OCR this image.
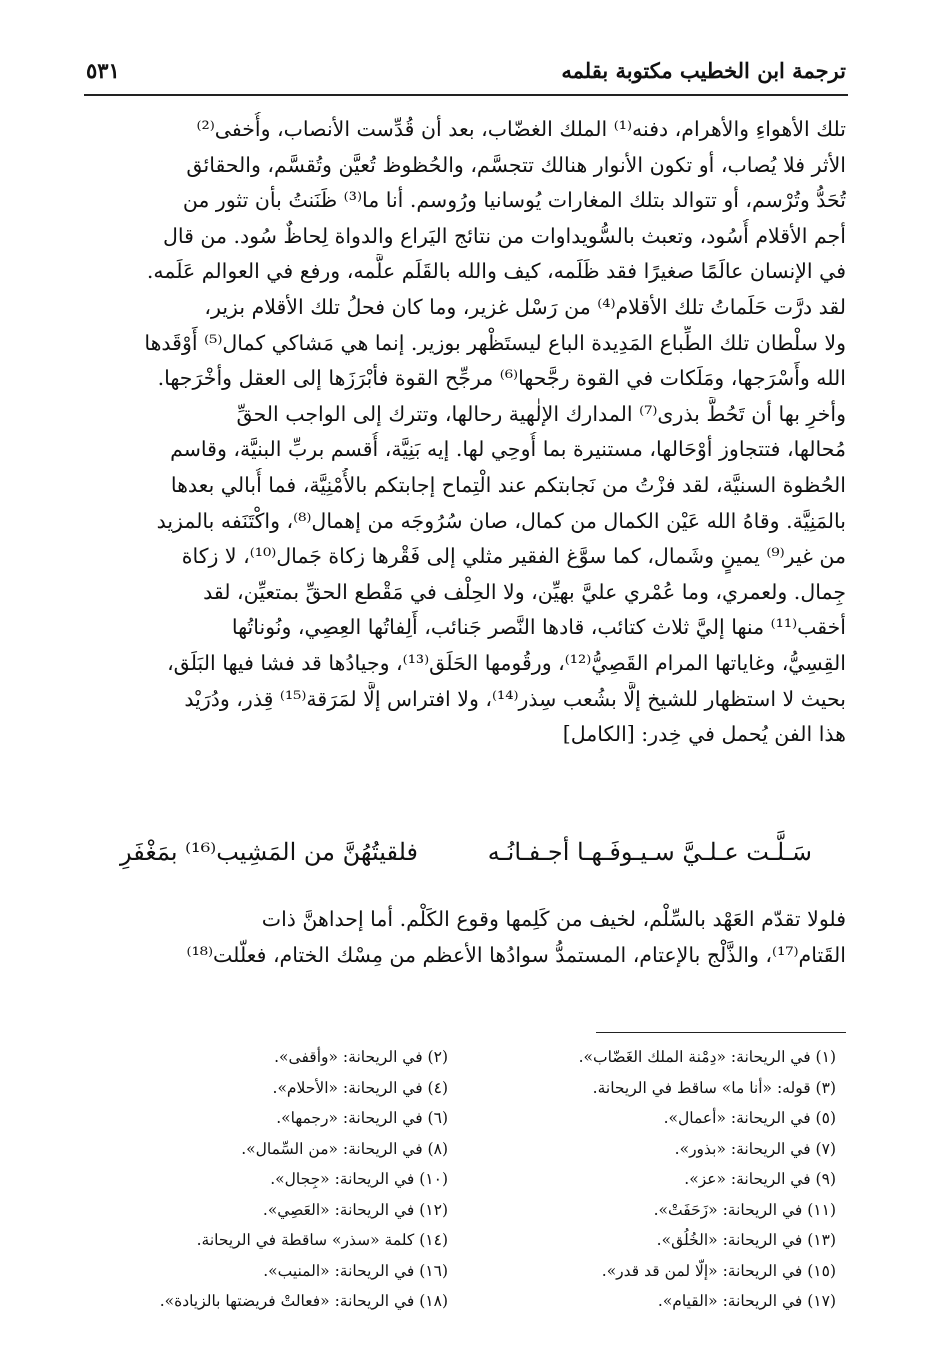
ترجمة ابن الخطيب مكتوبة بقلمه
٥٣١
تلك الأهواءِ والأهرام، دفنه⁽¹⁾ الملك الغضّاب، بعد أن قُدِّست الأنصاب، وأُخفى⁽²⁾
الأثر فلا يُصاب، أو تكون الأنوار هنالك تتجسَّم، والحُظوظ تُعيَّن وتُقسَّم، والحقائق
تُحَدُّ وتُرْسم، أو تتوالد بتلك المغارات يُوسانيا ورُوسم. أنا ما⁽³⁾ ظَنَنتُ بأن تثور من
أجم الأقلام أُسُود، وتعبث بالسُّويداوات من نتائج اليَراع والدواة لِحاظٌ سُود. من قال
في الإنسان عالَمًا صغيرًا فقد ظَلَمه، كيف والله بالقَلَم علَّمه، ورفع في العوالم عَلَمه.
لقد درَّت حَلَماتُ تلك الأقلام⁽⁴⁾ من رَسْل غزير، وما كان فحلُ تلك الأقلام بزير،
ولا سلْطان تلك الطِّباع المَدِيدة الباع ليستَظْهر بوزير. إنما هي مَشاكي كمال⁽⁵⁾ أَوْقَدها
الله وأَسْرَجها، ومَلَكات في القوة رجَّحها⁽⁶⁾ مرجِّح القوة فأبْرَزَها إلى العقل وأخْرَجها.
وأخرِ بها أن تَحُطَّ بذرى⁽⁷⁾ المدارك الإلٰهية رحالها، وتترك إلى الواجب الحقِّ
مُحالها، فتتجاوز أوْحَالها، مستنيرة بما أُوحِي لها. إيه بَنِيَّة، أُقسم بربِّ البنيَّة، وقاسم
الحُظوة السنيَّة، لقد فزْتُ من نَجابتكم عند الْتِماح إجابتكم بالأُمْنِيَّة، فما أُبالي بعدها
بالمَنِيَّة. وقاهُ الله عَيْن الكمال من كمال، صان سُرُوجَه من إهمال⁽⁸⁾، واكْتَنَفه بالمزيد
من غير⁽⁹⁾ يمينٍ وشَمال، كما سوَّغ الفقير مثلي إلى فَقْرها زكاة جَمال⁽¹⁰⁾، لا زكاة
جِمال. ولعمري، وما عُمْري عليَّ بهيِّن، ولا الحِلْف في مَقْطع الحقِّ بمتعيِّن، لقد
أخقب⁽¹¹⁾ منها إليَّ ثلاث كتائب، قادها النَّصر جَنائب، أَلِفاتُها العِصِي، ونُوناتُها
القِسِيُّ، وغاياتها المرام القَصِيُّ⁽¹²⁾، ورقُومها الحَلَق⁽¹³⁾، وجيادُها قد فشا فيها البَلَق،
بحيث لا استظهار للشيخ إلَّا بشُعب سِذر⁽¹⁴⁾، ولا افتراس إلَّا لمَرَقة⁽¹⁵⁾ قِذر، ودُرَيْد
هذا الفن يُحمل في خِدر: [الكامل]
سَـلَّـت عـلـيَّ سـيـوفَـهـا أجـفـانُـه
فلقيتُهُنَّ من المَشِيب⁽¹⁶⁾ بمَغْفَرِ
فلولا تقدّم العَهْد بالسِّلْم، لخيف من كَلِمها وقوع الكَلْم. أما إحداهنَّ ذات
القَتام⁽¹⁷⁾، والذَّلْج بالإعتام، المستمدُّ سوادُها الأعظم من مِسْك الختام، فعلّلت⁽¹⁸⁾
(١) في الريحانة: «دِمْنة الملك الغَضّاب».
(٢) في الريحانة: «وأقفى».
(٣) قوله: «أنا ما» ساقط في الريحانة.
(٤) في الريحانة: «الأحلام».
(٥) في الريحانة: «أعمال».
(٦) في الريحانة: «رجمها».
(٧) في الريحانة: «بذور».
(٨) في الريحانة: «من السِّمال».
(٩) في الريحانة: «عز».
(١٠) في الريحانة: «جِجال».
(١١) في الريحانة: «زَحَفَتْ».
(١٢) في الريحانة: «العَصِي».
(١٣) في الريحانة: «الخُلُق».
(١٤) كلمة «سذر» ساقطة في الريحانة.
(١٥) في الريحانة: «إلّا لمن قد قدر».
(١٦) في الريحانة: «المنيب».
(١٧) في الريحانة: «القيام».
(١٨) في الريحانة: «فعالتْ فريضتها بالزيادة».
